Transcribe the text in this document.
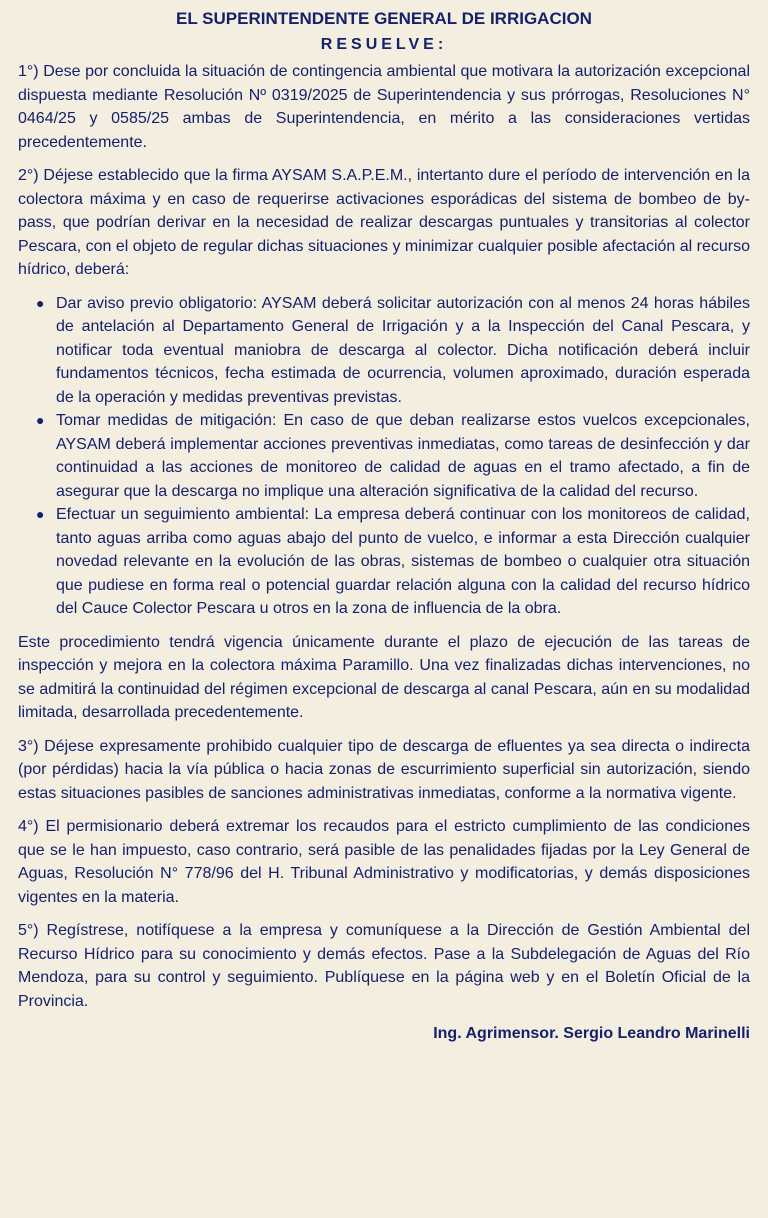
EL SUPERINTENDENTE GENERAL DE IRRIGACION
RESUELVE:

1°) Dese por concluida la situación de contingencia ambiental que motivara la autorización excepcional dispuesta mediante Resolución Nº 0319/2025 de Superintendencia y sus prórrogas, Resoluciones N° 0464/25 y 0585/25 ambas de Superintendencia, en mérito a las consideraciones vertidas precedentemente.

2°) Déjese establecido que la firma AYSAM S.A.P.E.M., intertanto dure el período de intervención en la colectora máxima y en caso de requerirse activaciones esporádicas del sistema de bombeo de by-pass, que podrían derivar en la necesidad de realizar descargas puntuales y transitorias al colector Pescara, con el objeto de regular dichas situaciones y minimizar cualquier posible afectación al recurso hídrico, deberá:

● Dar aviso previo obligatorio: AYSAM deberá solicitar autorización con al menos 24 horas hábiles de antelación al Departamento General de Irrigación y a la Inspección del Canal Pescara, y notificar toda eventual maniobra de descarga al colector. Dicha notificación deberá incluir fundamentos técnicos, fecha estimada de ocurrencia, volumen aproximado, duración esperada de la operación y medidas preventivas previstas.
● Tomar medidas de mitigación: En caso de que deban realizarse estos vuelcos excepcionales, AYSAM deberá implementar acciones preventivas inmediatas, como tareas de desinfección y dar continuidad a las acciones de monitoreo de calidad de aguas en el tramo afectado, a fin de asegurar que la descarga no implique una alteración significativa de la calidad del recurso.
● Efectuar un seguimiento ambiental: La empresa deberá continuar con los monitoreos de calidad, tanto aguas arriba como aguas abajo del punto de vuelco, e informar a esta Dirección cualquier novedad relevante en la evolución de las obras, sistemas de bombeo o cualquier otra situación que pudiese en forma real o potencial guardar relación alguna con la calidad del recurso hídrico del Cauce Colector Pescara u otros en la zona de influencia de la obra.

Este procedimiento tendrá vigencia únicamente durante el plazo de ejecución de las tareas de inspección y mejora en la colectora máxima Paramillo. Una vez finalizadas dichas intervenciones, no se admitirá la continuidad del régimen excepcional de descarga al canal Pescara, aún en su modalidad limitada, desarrollada precedentemente.

3°) Déjese expresamente prohibido cualquier tipo de descarga de efluentes ya sea directa o indirecta (por pérdidas) hacia la vía pública o hacia zonas de escurrimiento superficial sin autorización, siendo estas situaciones pasibles de sanciones administrativas inmediatas, conforme a la normativa vigente.

4°) El permisionario deberá extremar los recaudos para el estricto cumplimiento de las condiciones que se le han impuesto, caso contrario, será pasible de las penalidades fijadas por la Ley General de Aguas, Resolución N° 778/96 del H. Tribunal Administrativo y modificatorias, y demás disposiciones vigentes en la materia.

5°) Regístrese, notifíquese a la empresa y comuníquese a la Dirección de Gestión Ambiental del Recurso Hídrico para su conocimiento y demás efectos. Pase a la Subdelegación de Aguas del Río Mendoza, para su control y seguimiento. Publíquese en la página web y en el Boletín Oficial de la Provincia.

Ing. Agrimensor. Sergio Leandro Marinelli
